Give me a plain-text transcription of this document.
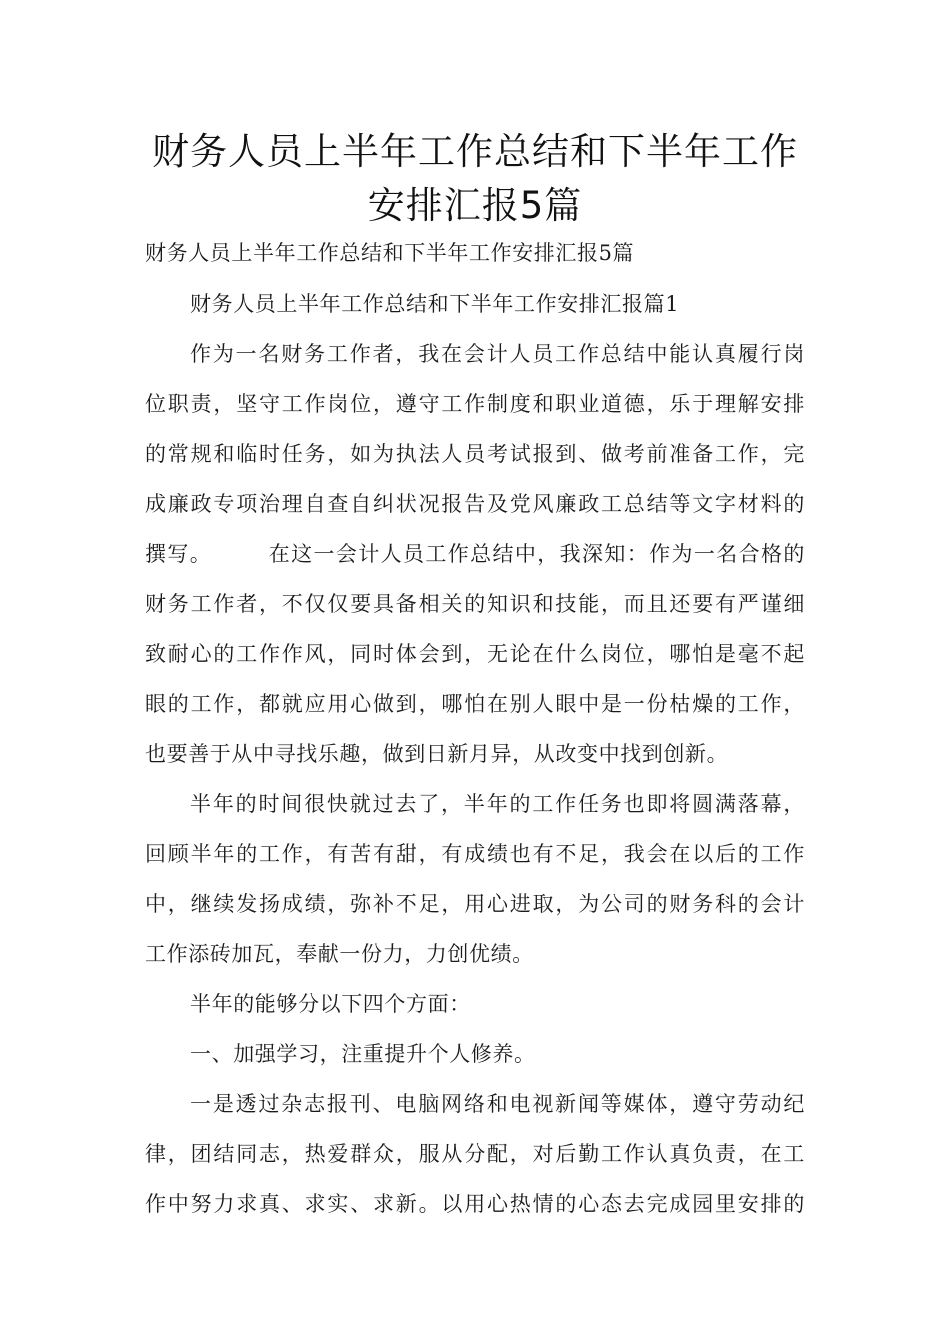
财务人员上半年工作总结和下半年工作
安排汇报5篇

财务人员上半年工作总结和下半年工作安排汇报5篇

财务人员上半年工作总结和下半年工作安排汇报篇1

作为一名财务工作者，我在会计人员工作总结中能认真履行岗

位职责，坚守工作岗位，遵守工作制度和职业道德，乐于理解安排

的常规和临时任务，如为执法人员考试报到、做考前准备工作，完

成廉政专项治理自查自纠状况报告及党风廉政工总结等文字材料的

撰写。　　　在这一会计人员工作总结中，我深知：作为一名合格的

财务工作者，不仅仅要具备相关的知识和技能，而且还要有严谨细

致耐心的工作作风，同时体会到，无论在什么岗位，哪怕是毫不起

眼的工作，都就应用心做到，哪怕在别人眼中是一份枯燥的工作，

也要善于从中寻找乐趣，做到日新月异，从改变中找到创新。

半年的时间很快就过去了，半年的工作任务也即将圆满落幕，

回顾半年的工作，有苦有甜，有成绩也有不足，我会在以后的工作

中，继续发扬成绩，弥补不足，用心进取，为公司的财务科的会计

工作添砖加瓦，奉献一份力，力创优绩。

半年的能够分以下四个方面：

一、加强学习，注重提升个人修养。

一是透过杂志报刊、电脑网络和电视新闻等媒体，遵守劳动纪

律，团结同志，热爱群众，服从分配，对后勤工作认真负责，在工

作中努力求真、求实、求新。以用心热情的心态去完成园里安排的
